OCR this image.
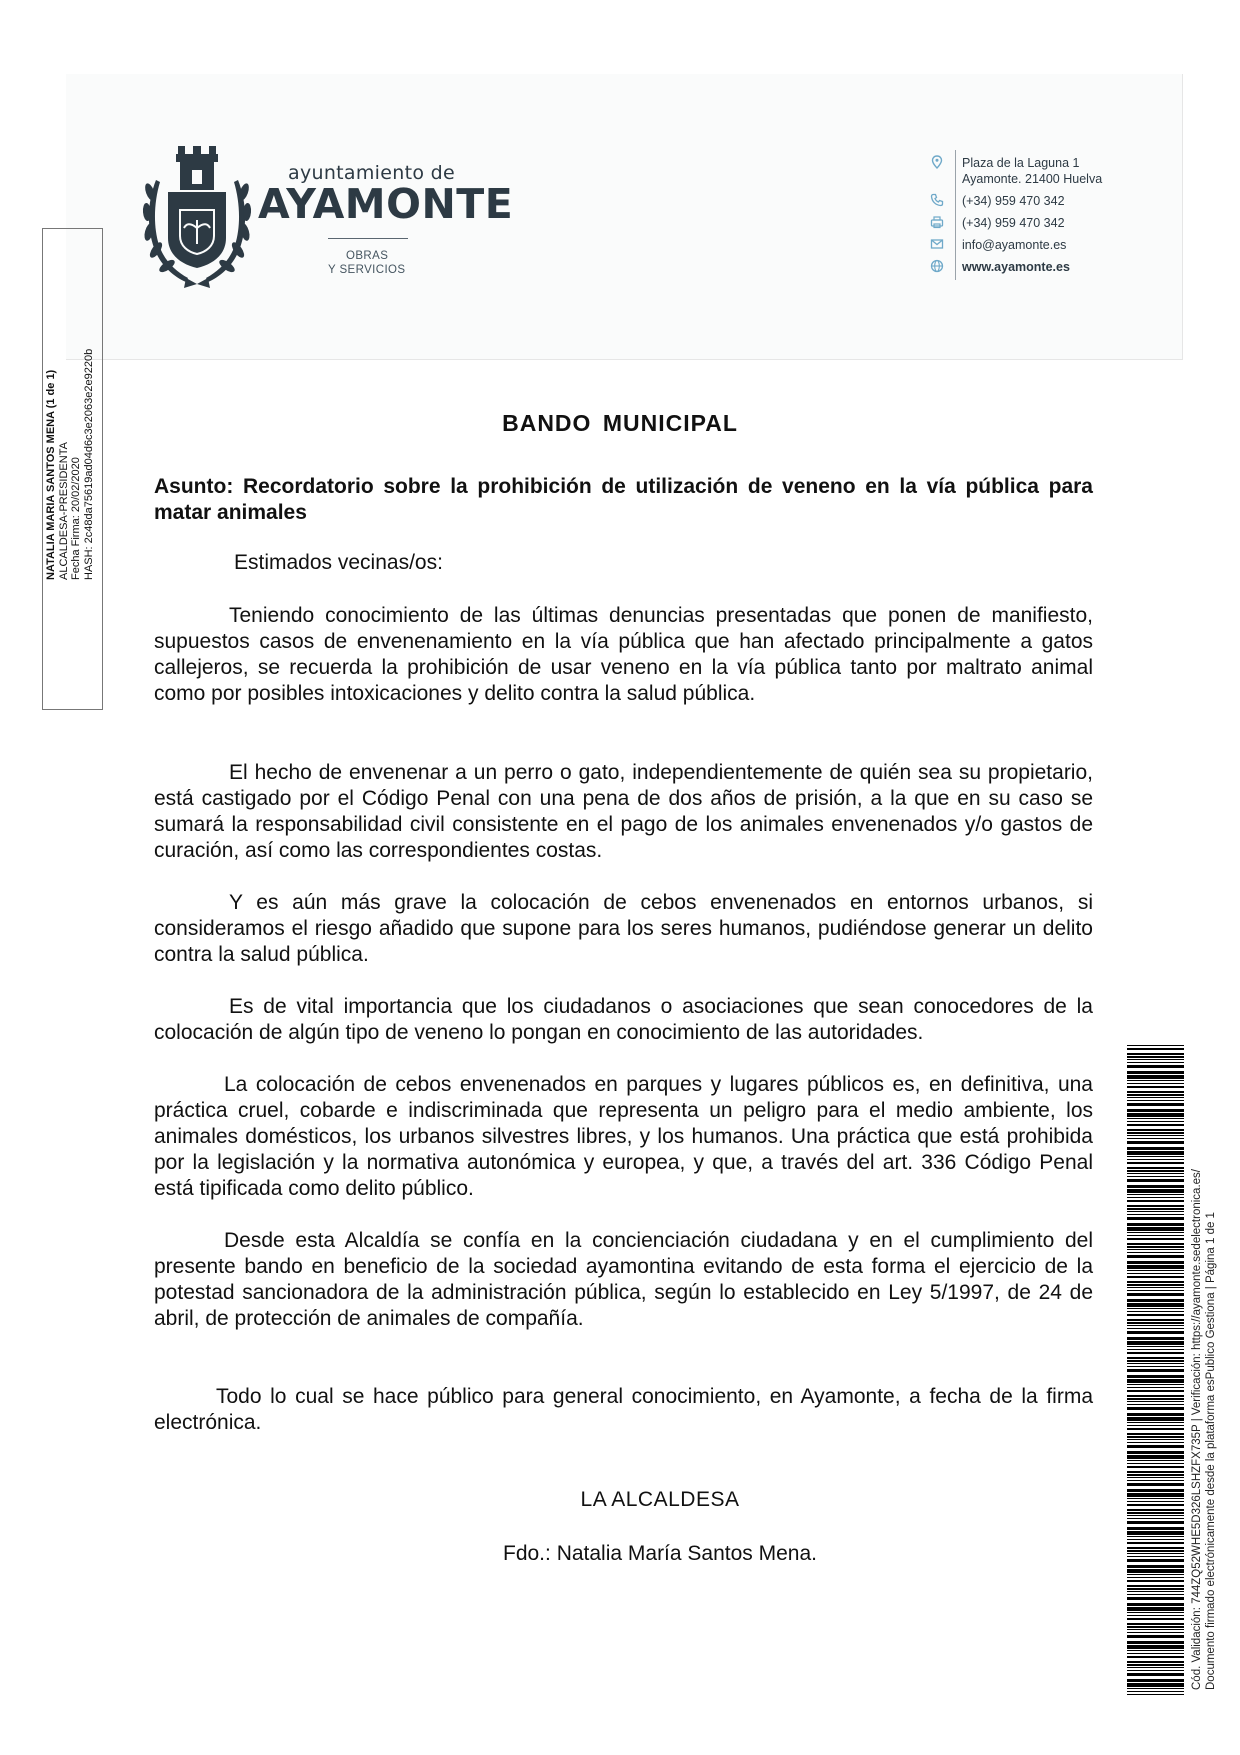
ayuntamiento de
AYAMONTE
OBRAS
Y SERVICIOS
Plaza de la Laguna 1
Ayamonte. 21400 Huelva
(+34) 959 470 342
(+34) 959 470 342
info@ayamonte.es
www.ayamonte.es
NATALIA MARIA SANTOS MENA (1 de 1) ALCALDESA-PRESIDENTA Fecha Firma: 20/02/2020 HASH: 2c48da75619ad04d6c3e2063e2e9220b	BANDO MUNICIPAL
Asunto: Recordatorio sobre la prohibición de utilización de veneno en la vía pública para matar animales
Estimados vecinas/os:
Teniendo conocimiento de las últimas denuncias presentadas que ponen de manifiesto, supuestos casos de envenenamiento en la vía pública que han afectado principalmente a gatos callejeros, se recuerda la prohibición de usar veneno en la vía pública tanto por maltrato animal como por posibles intoxicaciones y delito contra la salud pública.
El hecho de envenenar a un perro o gato, independientemente de quién sea su propietario, está castigado por el Código Penal con una pena de dos años de prisión, a la que en su caso se sumará la responsabilidad civil consistente en el pago de los animales envenenados y/o gastos de curación, así como las correspondientes costas.
Y es aún más grave la colocación de cebos envenenados en entornos urbanos, si consideramos el riesgo añadido que supone para los seres humanos, pudiéndose generar un delito contra la salud pública.
Es de vital importancia que los ciudadanos o asociaciones que sean conocedores de la colocación de algún tipo de veneno lo pongan en conocimiento de las autoridades.
La colocación de cebos envenenados en parques y lugares públicos es, en definitiva, una práctica cruel, cobarde e indiscriminada que representa un peligro para el medio ambiente, los animales domésticos, los urbanos silvestres libres, y los humanos. Una práctica que está prohibida por la legislación y la normativa autonómica y europea, y que, a través del art. 336 Código Penal está tipificada como delito público.
Desde esta Alcaldía se confía en la concienciación ciudadana y en el cumplimiento del presente bando en beneficio de la sociedad ayamontina evitando de esta forma el ejercicio de la potestad sancionadora de la administración pública, según lo establecido en Ley 5/1997, de 24 de abril, de protección de animales de compañía.
Todo lo cual se hace público para general conocimiento, en Ayamonte, a fecha de la firma electrónica.
LA ALCALDESA
Fdo.: Natalia María Santos Mena.	Cód. Validación: 744ZQ52WHE5D326LSHZFX735P | Verificación: https://ayamonte.sedelectronica.es/ Documento firmado electrónicamente desde la plataforma esPublico Gestiona | Página 1 de 1
